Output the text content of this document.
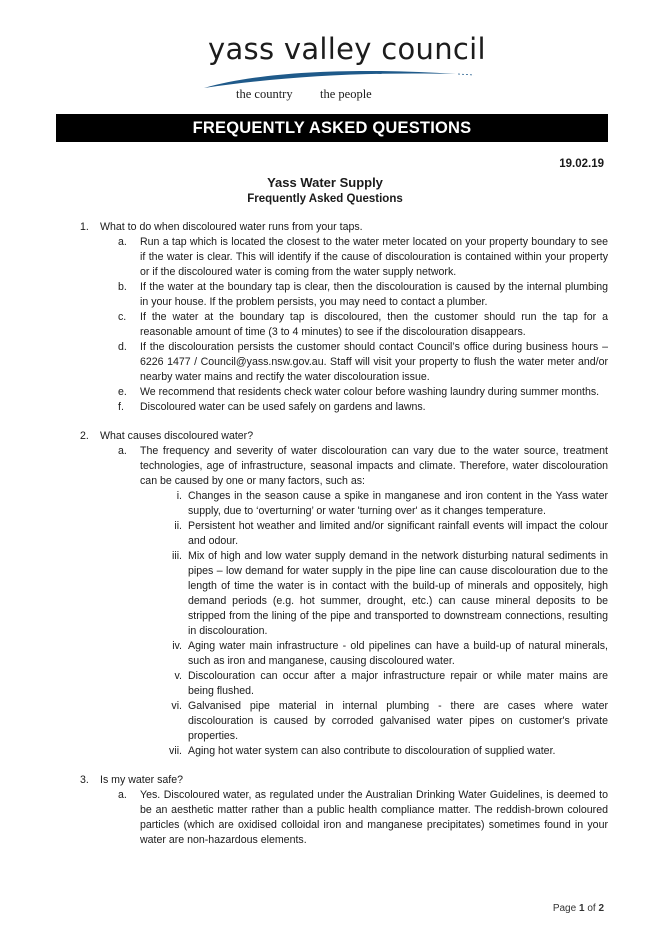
yass valley council
the country the people
FREQUENTLY ASKED QUESTIONS
19.02.19
Yass Water Supply
Frequently Asked Questions
1.	What to do when discoloured water runs from your taps.
a.	Run a tap which is located the closest to the water meter located on your property boundary to see if the water is clear. This will identify if the cause of discolouration is contained within your property or if the discoloured water is coming from the water supply network.
b.	If the water at the boundary tap is clear, then the discolouration is caused by the internal plumbing in your house. If the problem persists, you may need to contact a plumber.
c.	If the water at the boundary tap is discoloured, then the customer should run the tap for a reasonable amount of time (3 to 4 minutes) to see if the discolouration disappears.
d.	If the discolouration persists the customer should contact Council’s office during business hours – 6226 1477 / Council@yass.nsw.gov.au. Staff will visit your property to flush the water meter and/or nearby water mains and rectify the water discolouration issue.
e.	We recommend that residents check water colour before washing laundry during summer months.
f.	Discoloured water can be used safely on gardens and lawns.
2.	What causes discoloured water?
a.	The frequency and severity of water discolouration can vary due to the water source, treatment technologies, age of infrastructure, seasonal impacts and climate. Therefore, water discolouration can be caused by one or many factors, such as:
i. Changes in the season cause a spike in manganese and iron content in the Yass water supply, due to ‘overturning’ or water 'turning over' as it changes temperature.
ii. Persistent hot weather and limited and/or significant rainfall events will impact the colour and odour.
iii. Mix of high and low water supply demand in the network disturbing natural sediments in pipes – low demand for water supply in the pipe line can cause discolouration due to the length of time the water is in contact with the build-up of minerals and oppositely, high demand periods (e.g. hot summer, drought, etc.) can cause mineral deposits to be stripped from the lining of the pipe and transported to downstream connections, resulting in discolouration.
iv. Aging water main infrastructure - old pipelines can have a build-up of natural minerals, such as iron and manganese, causing discoloured water.
v. Discolouration can occur after a major infrastructure repair or while mater mains are being flushed.
vi. Galvanised pipe material in internal plumbing - there are cases where water discolouration is caused by corroded galvanised water pipes on customer's private properties.
vii. Aging hot water system can also contribute to discolouration of supplied water.
3.	Is my water safe?
a.	Yes. Discoloured water, as regulated under the Australian Drinking Water Guidelines, is deemed to be an aesthetic matter rather than a public health compliance matter. The reddish-brown coloured particles (which are oxidised colloidal iron and manganese precipitates) sometimes found in your water are non-hazardous elements.
Page 1 of 2
